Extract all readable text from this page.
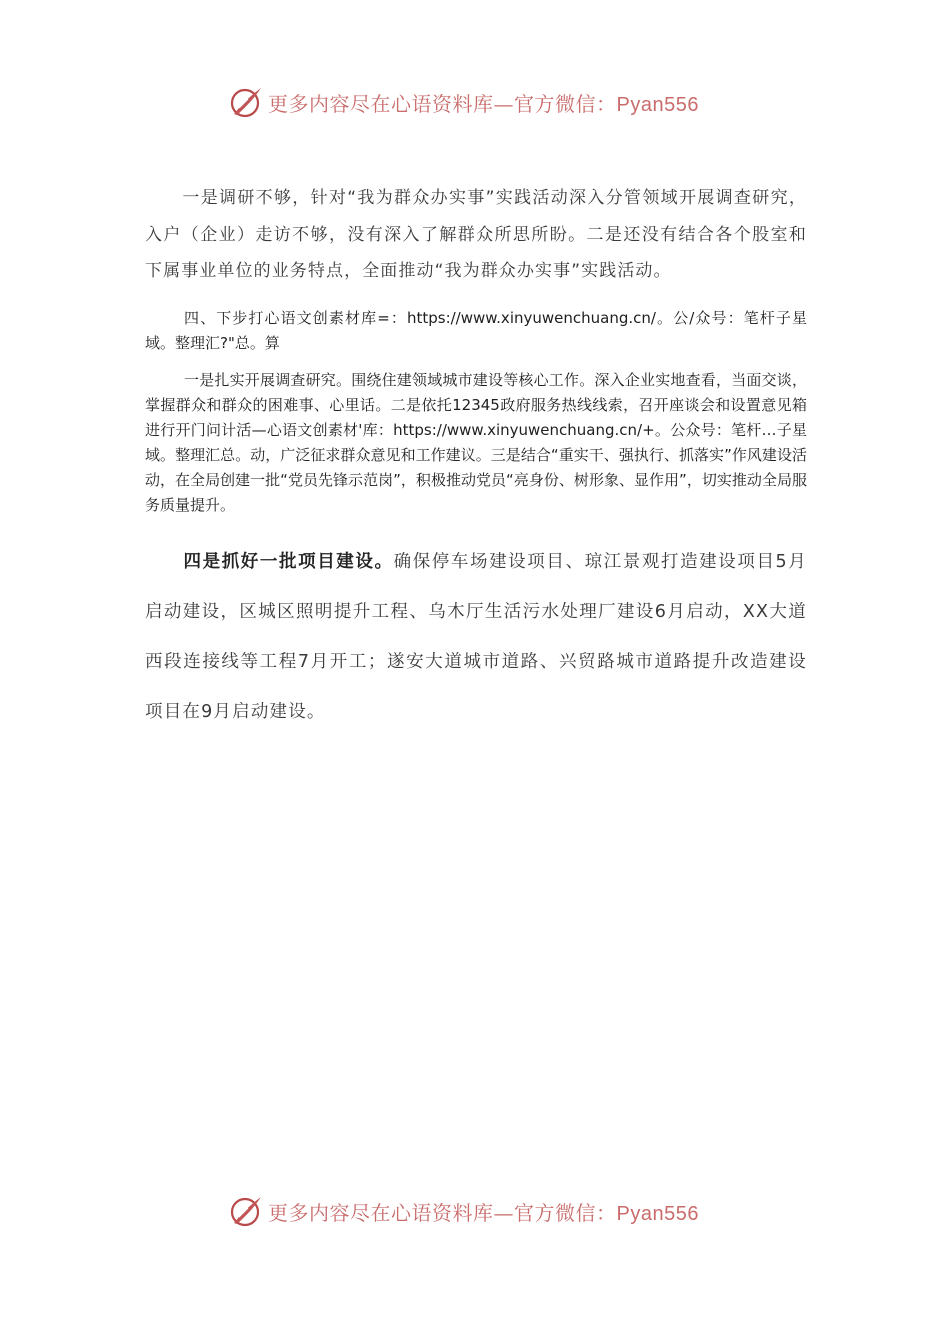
更多内容尽在心语资料库—官方微信：Pyan556
一是调研不够，针对“我为群众办实事”实践活动深入分管领域开展调查研究，入户（企业）走访不够，没有深入了解群众所思所盼。二是还没有结合各个股室和下属事业单位的业务特点，全面推动“我为群众办实事”实践活动。
四、下步打心语文创素材库=：https://www.xinyuwenchuang.cn/。公/众号：笔杆子星域。整理汇?"总。算
一是扎实开展调查研究。围绕住建领域城市建设等核心工作。深入企业实地查看，当面交谈，掌握群众和群众的困难事、心里话。二是依托12345政府服务热线线索，召开座谈会和设置意见箱进行开门问计活—心语文创素材'库：https://www.xinyuwenchuang.cn/+。公众号：笔杆…子星域。整理汇总。动，广泛征求群众意见和工作建议。三是结合“重实干、强执行、抓落实”作风建设活动，在全局创建一批“党员先锋示范岗”，积极推动党员“亮身份、树形象、显作用”，切实推动全局服务质量提升。
四是抓好一批项目建设。确保停车场建设项目、琼江景观打造建设项目5月启动建设，区城区照明提升工程、乌木厅生活污水处理厂建设6月启动，XX大道西段连接线等工程7月开工；遂安大道城市道路、兴贸路城市道路提升改造建设项目在9月启动建设。
更多内容尽在心语资料库—官方微信：Pyan556
